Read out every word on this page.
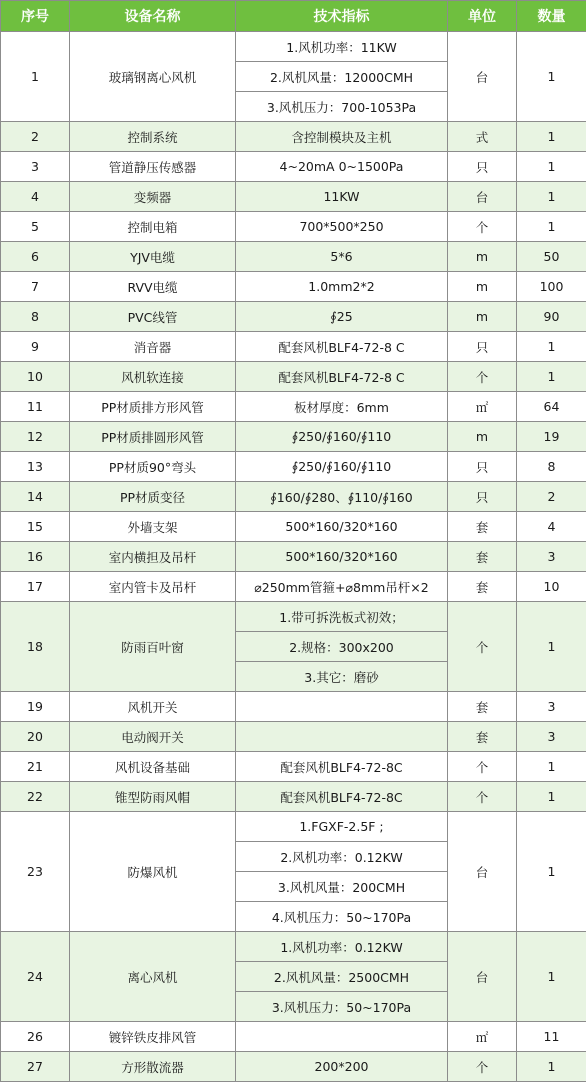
序号	设备名称	技术指标	单位	数量
1	玻璃钢离心风机	1.风机功率：11KW	台	1
		2.风机风量：12000CMH		
		3.风机压力：700-1053Pa		
2	控制系统	含控制模块及主机	式	1
3	管道静压传感器	4~20mA 0~1500Pa	只	1
4	变频器	11KW	台	1
5	控制电箱	700*500*250	个	1
6	YJV电缆	5*6	m	50
7	RVV电缆	1.0mm2*2	m	100
8	PVC线管	∮25	m	90
9	消音器	配套风机BLF4-72-8 C	只	1
10	风机软连接	配套风机BLF4-72-8 C	个	1
11	PP材质排方形风管	板材厚度：6mm	㎡	64
12	PP材质排圆形风管	∮250/∮160/∮110	m	19
13	PP材质90°弯头	∮250/∮160/∮110	只	8
14	PP材质变径	∮160/∮280、∮110/∮160	只	2
15	外墙支架	500*160/320*160	套	4
16	室内横担及吊杆	500*160/320*160	套	3
17	室内管卡及吊杆	⌀250mm管箍+⌀8mm吊杆×2	套	10
18	防雨百叶窗	1.带可拆洗板式初效；	个	1
		2.规格：300x200		
		3.其它：磨砂		
19	风机开关		套	3
20	电动阀开关		套	3
21	风机设备基础	配套风机BLF4-72-8C	个	1
22	锥型防雨风帽	配套风机BLF4-72-8C	个	1
23	防爆风机	1.FGXF-2.5F ;	台	1
		2.风机功率：0.12KW		
		3.风机风量：200CMH		
		4.风机压力：50~170Pa		
24	离心风机	1.风机功率：0.12KW	台	1
		2.风机风量：2500CMH		
		3.风机压力：50~170Pa		
26	镀锌铁皮排风管		㎡	11
27	方形散流器	200*200	个	1
